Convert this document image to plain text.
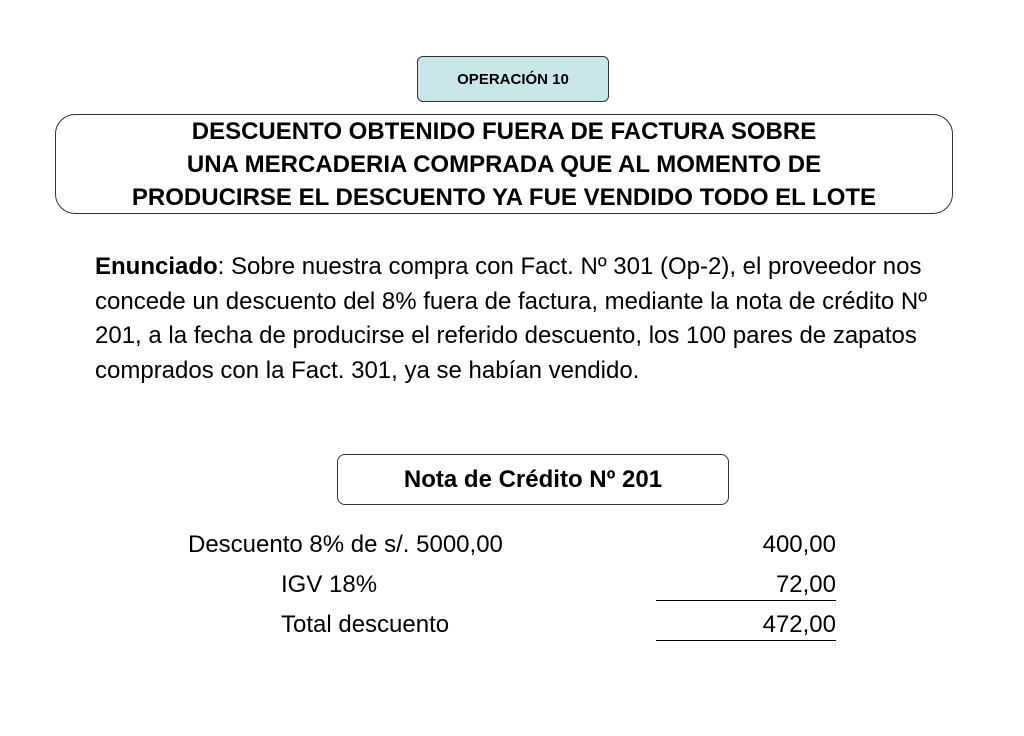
OPERACIÓN 10
DESCUENTO OBTENIDO FUERA DE FACTURA SOBRE
UNA MERCADERIA COMPRADA QUE AL MOMENTO DE
PRODUCIRSE EL DESCUENTO YA FUE VENDIDO TODO EL LOTE
Enunciado: Sobre nuestra compra con Fact. Nº 301 (Op-2), el proveedor nos concede un descuento del 8% fuera de factura, mediante la nota de crédito Nº 201, a la fecha de producirse el referido descuento, los 100 pares de zapatos comprados con la Fact. 301, ya se habían vendido.
Nota de Crédito Nº 201
Descuento 8% de s/. 5000,00	400,00
IGV 18%	72,00
Total descuento	472,00
